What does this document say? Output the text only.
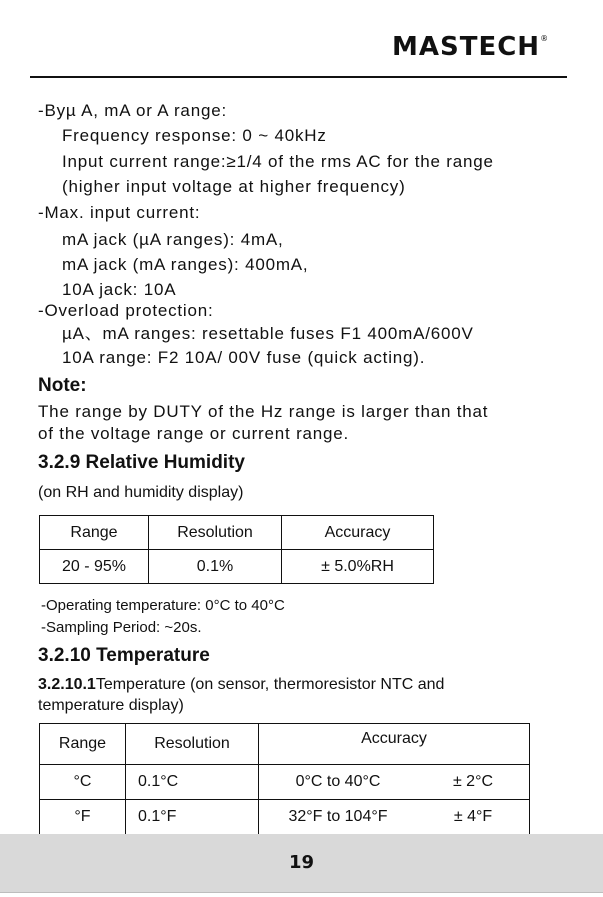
MASTECH®
-Byµ A, mA or A range:
Frequency response: 0 ~ 40kHz
Input current range:≥1/4 of the rms AC for the range
(higher input voltage at higher frequency)
-Max. input current:
mA jack (µA ranges): 4mA,
mA jack (mA ranges): 400mA,
10A jack: 10A
-Overload protection:
µA、mA ranges: resettable fuses F1 400mA/600V
10A range: F2 10A/ 00V fuse (quick acting).
Note:
The range by DUTY of the Hz range is larger than that
of the voltage range or current range.
3.2.9 Relative Humidity
(on RH and humidity display)
Range	Resolution	Accuracy
20 - 95%	0.1%	± 5.0%RH
-Operating temperature: 0°C to 40°C
-Sampling Period: ~20s.
3.2.10 Temperature
3.2.10.1Temperature (on sensor, thermoresistor NTC and
temperature display)
Range	Resolution	Accuracy	
°C	0.1°C	0°C to 40°C	± 2°C
°F	0.1°F	32°F to 104°F	± 4°F
19
